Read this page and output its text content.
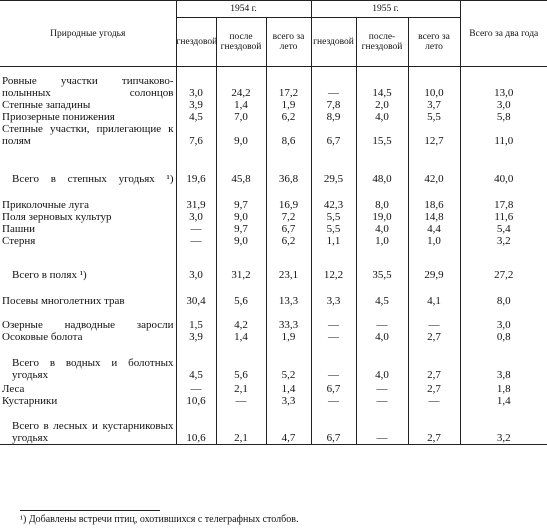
Природные угодья	1954 г.			1955 г.			Всего за два года
	гнездовой	после гнездовой	всего за лето	гнездовой	после-гнездовой	всего за лето	
Ровные участки типчаково-полынных солонцов	3,0	24,2	17,2	—	14,5	10,0	13,0
Степные западины	3,9	1,4	1,9	7,8	2,0	3,7	3,0
Приозерные понижения	4,5	7,0	6,2	8,9	4,0	5,5	5,8
Степные участки, прилегающие к полям	7,6	9,0	8,6	6,7	15,5	12,7	11,0
Всего в степных угодьях ¹)	19,6	45,8	36,8	29,5	48,0	42,0	40,0
Приколочные луга	31,9	9,7	16,9	42,3	8,0	18,6	17,8
Поля зерновых культур	3,0	9,0	7,2	5,5	19,0	14,8	11,6
Пашни	—	9,7	6,7	5,5	4,0	4,4	5,4
Стерня	—	9,0	6,2	1,1	1,0	1,0	3,2
Всего в полях ¹)	3,0	31,2	23,1	12,2	35,5	29,9	27,2
Посевы многолетних трав	30,4	5,6	13,3	3,3	4,5	4,1	8,0
Озерные надводные заросли	1,5	4,2	33,3	—	—	—	3,0
Осоковые болота	3,9	1,4	1,9	—	4,0	2,7	0,8
Всего в водных и болотных угодьях	4,5	5,6	5,2	—	4,0	2,7	3,8
Леса	—	2,1	1,4	6,7	—	2,7	1,8
Кустарники	10,6	—	3,3	—	—	—	1,4
Всего в лесных и кустарниковых угодьях	10,6	2,1	4,7	6,7	—	2,7	3,2
¹) Добавлены встречи птиц, охотившихся с телеграфных столбов.
